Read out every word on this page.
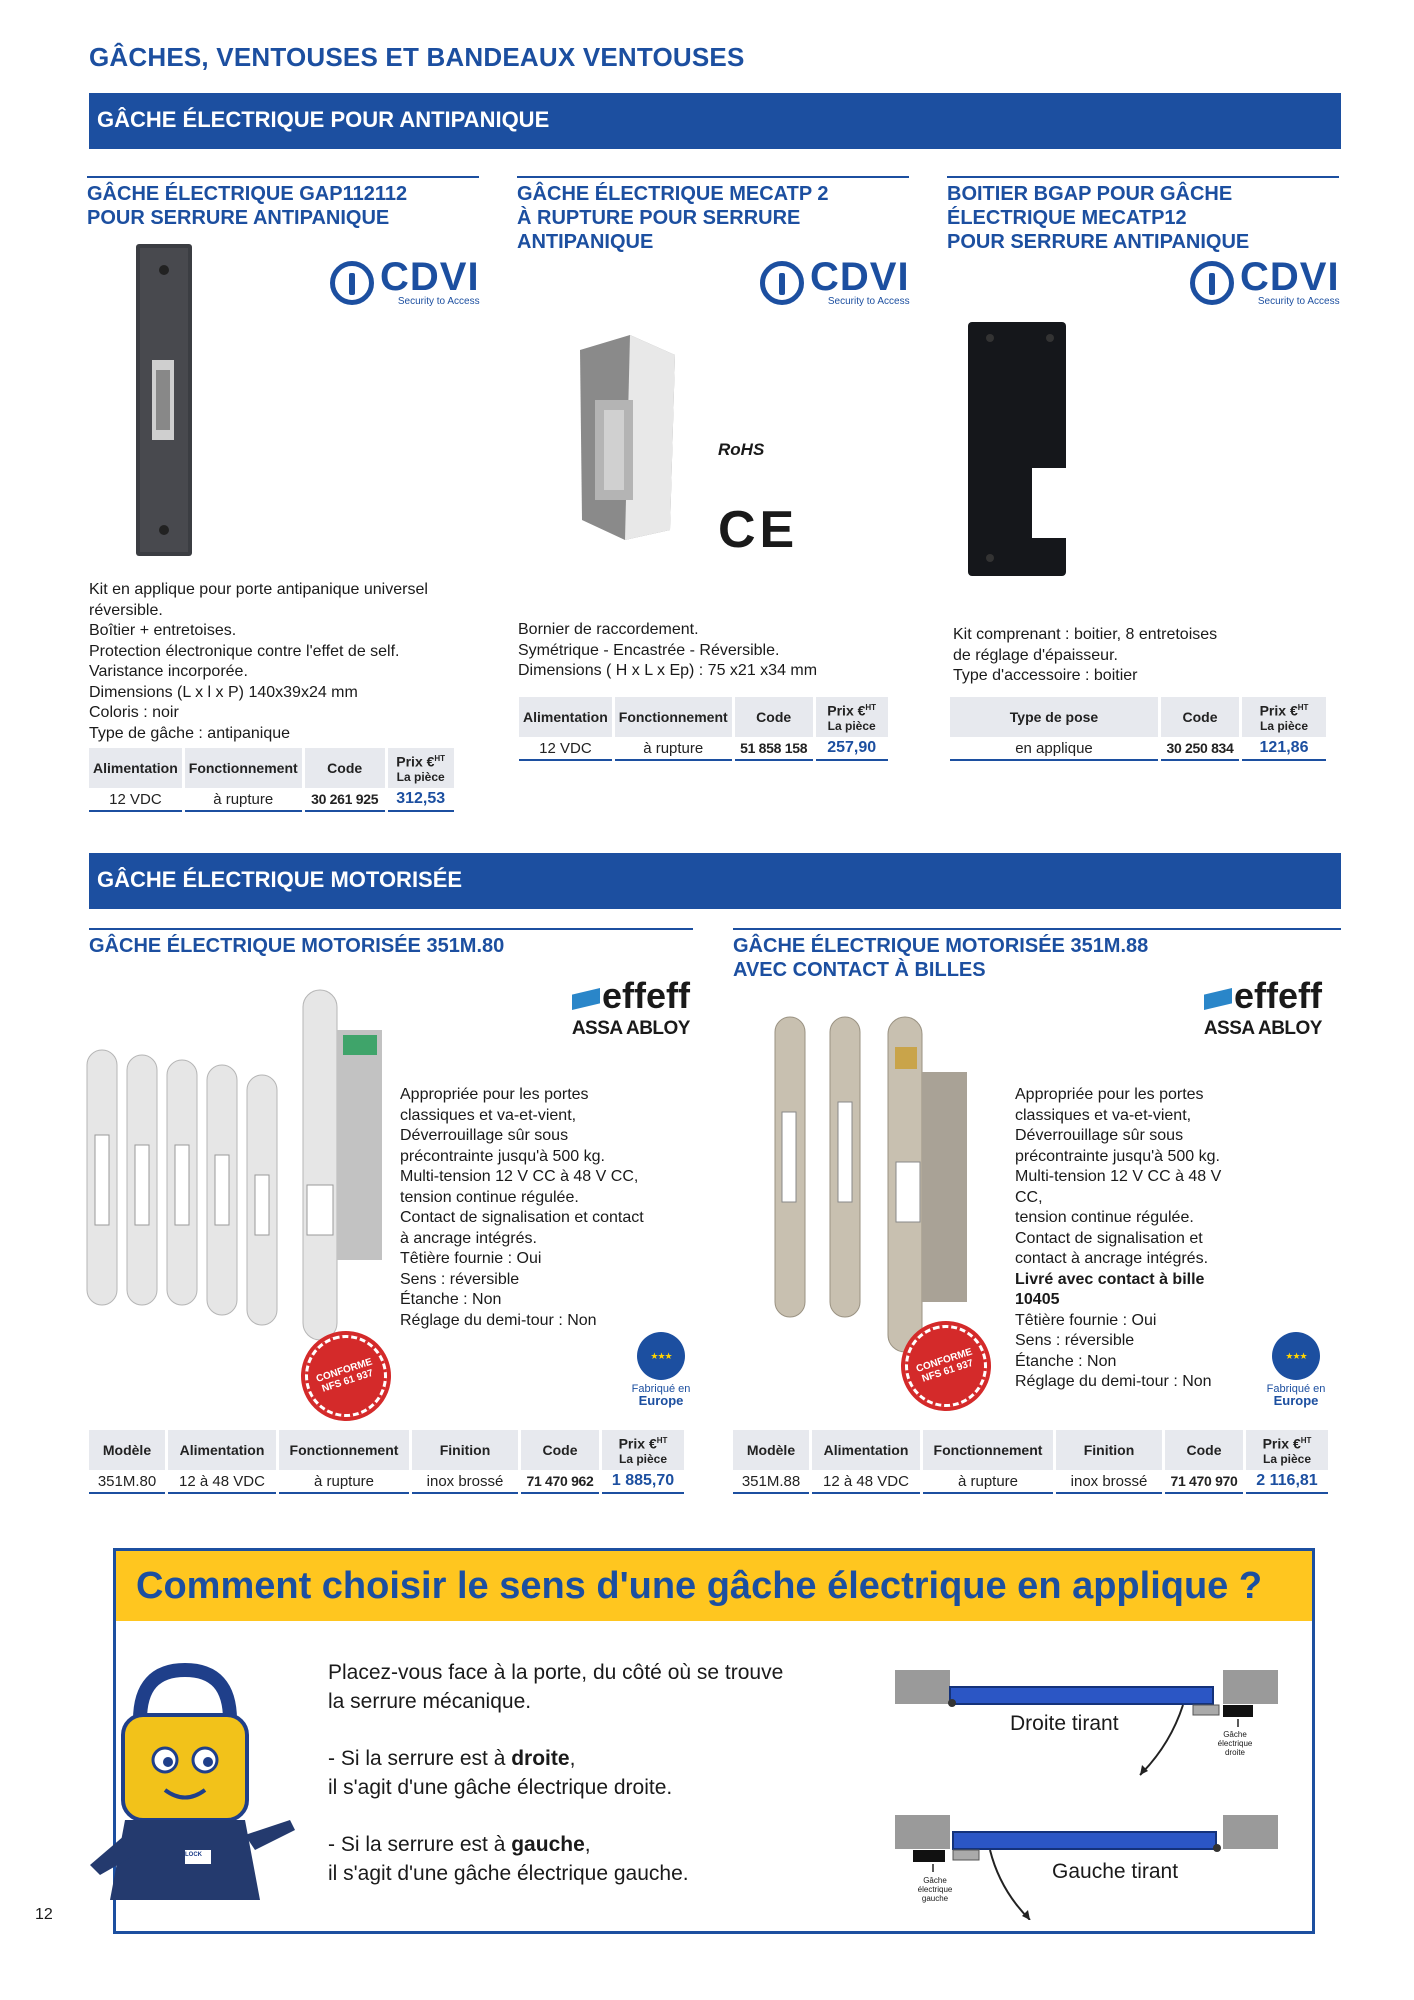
GÂCHES, VENTOUSES ET BANDEAUX VENTOUSES
GÂCHE ÉLECTRIQUE POUR ANTIPANIQUE
GÂCHE ÉLECTRIQUE GAP112112
POUR SERRURE ANTIPANIQUE
CDVI
Security to Access
Kit en applique pour porte antipanique universel
réversible.
Boîtier + entretoises.
Protection électronique contre l'effet de self.
Varistance incorporée.
Dimensions (L x l x P) 140x39x24 mm
Coloris : noir
Type de gâche : antipanique
Alimentation	Fonctionnement	Code	Prix €$^{HT}$
La pièce

12 VDC	à rupture	30 261 925	312,53
GÂCHE ÉLECTRIQUE MECATP 2
À RUPTURE POUR SERRURE
ANTIPANIQUE
CDVI
Security to Access
RoHS
CE
Bornier de raccordement.
Symétrique - Encastrée - Réversible.
Dimensions ( H x L x Ep) : 75 x21 x34 mm
Alimentation	Fonctionnement	Code	Prix €$^{HT}$
La pièce

12 VDC	à rupture	51 858 158	257,90
BOITIER BGAP POUR GÂCHE
ÉLECTRIQUE MECATP12
POUR SERRURE ANTIPANIQUE
CDVI
Security to Access
Kit comprenant : boitier, 8 entretoises
de réglage d'épaisseur.
Type d'accessoire : boitier
Type de pose	Code	Prix €$^{HT}$
La pièce

en applique	30 250 834	121,86
GÂCHE ÉLECTRIQUE MOTORISÉE
GÂCHE ÉLECTRIQUE MOTORISÉE 351M.80
effeff
ASSA ABLOY
CONFORME NFS 61 937
★★★
Fabriqué en
Europe
Appropriée pour les portes
classiques et va-et-vient,
Déverrouillage sûr sous
précontrainte jusqu'à 500 kg.
Multi-tension 12 V CC à 48 V CC,
tension continue régulée.
Contact de signalisation et contact
à ancrage intégrés.
Têtière fournie : Oui
Sens : réversible
Étanche : Non
Réglage du demi-tour : Non
Modèle	Alimentation	Fonctionnement	Finition	Code	Prix €$^{HT}$
La pièce

351M.80	12 à 48 VDC	à rupture	inox brossé	71 470 962	1 885,70
GÂCHE ÉLECTRIQUE MOTORISÉE 351M.88
AVEC CONTACT À BILLES
effeff
ASSA ABLOY
CONFORME NFS 61 937
★★★
Fabriqué en
Europe
Appropriée pour les portes
classiques et va-et-vient,
Déverrouillage sûr sous
précontrainte jusqu'à 500 kg.
Multi-tension 12 V CC à 48 V CC,
tension continue régulée.
Contact de signalisation et
contact à ancrage intégrés.
Livré avec contact à bille 10405
Têtière fournie : Oui
Sens : réversible
Étanche : Non
Réglage du demi-tour : Non
Modèle	Alimentation	Fonctionnement	Finition	Code	Prix €$^{HT}$
La pièce

351M.88	12 à 48 VDC	à rupture	inox brossé	71 470 970	2 116,81
Comment choisir le sens d'une gâche électrique en applique ?
LOCK
Placez-vous face à la porte, du côté où se trouve
la serrure mécanique.
- Si la serrure est à droite,
il s'agit d'une gâche électrique droite.
- Si la serrure est à gauche,
il s'agit d'une gâche électrique gauche.
Droite tirant	Gâche
électrique
droite
Gauche tirant
Gâche
électrique
gauche
12
